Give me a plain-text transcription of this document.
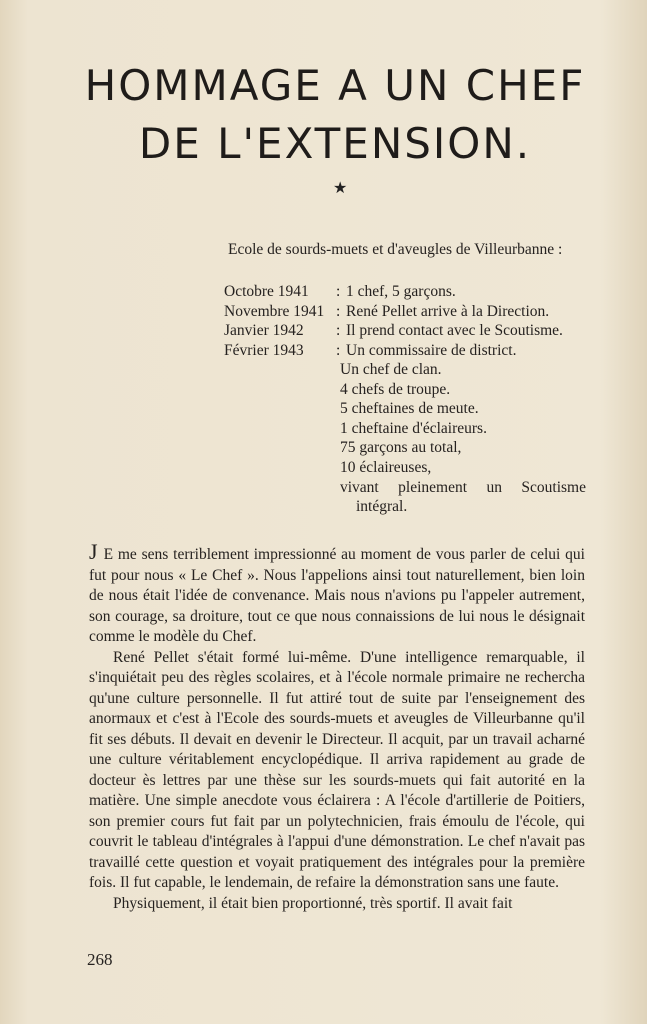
HOMMAGE A UN CHEF
DE L'EXTENSION.
★
Ecole de sourds-muets et d'aveugles de Villeurbanne :
Octobre 1941 : 1 chef, 5 garçons.
Novembre 1941 : René Pellet arrive à la Direction.
Janvier 1942 : Il prend contact avec le Scoutisme.
Février 1943 : Un commissaire de district.
Un chef de clan.
4 chefs de troupe.
5 cheftaines de meute.
1 cheftaine d'éclaireurs.
75 garçons au total,
10 éclaireuses,
vivant pleinement un Scoutisme
intégral.

J E me sens terriblement impressionné au moment de vous parler de celui qui fut pour nous « Le Chef ». Nous l'appelions ainsi tout naturellement, bien loin de nous était l'idée de convenance. Mais nous n'avions pu l'appeler autrement, son courage, sa droiture, tout ce que nous connaissions de lui nous le désignait comme le modèle du Chef.

René Pellet s'était formé lui-même. D'une intelligence remarquable, il s'inquiétait peu des règles scolaires, et à l'école normale primaire ne rechercha qu'une culture personnelle. Il fut attiré tout de suite par l'enseignement des anormaux et c'est à l'Ecole des sourds-muets et aveugles de Villeurbanne qu'il fit ses débuts. Il devait en devenir le Directeur. Il acquit, par un travail acharné une culture véritablement encyclopédique. Il arriva rapidement au grade de docteur ès lettres par une thèse sur les sourds-muets qui fait autorité en la matière. Une simple anecdote vous éclairera : A l'école d'artillerie de Poitiers, son premier cours fut fait par un polytechnicien, frais émoulu de l'école, qui couvrit le tableau d'intégrales à l'appui d'une démonstration. Le chef n'avait pas travaillé cette question et voyait pratiquement des intégrales pour la première fois. Il fut capable, le lendemain, de refaire la démonstration sans une faute.

Physiquement, il était bien proportionné, très sportif. Il avait fait

268
